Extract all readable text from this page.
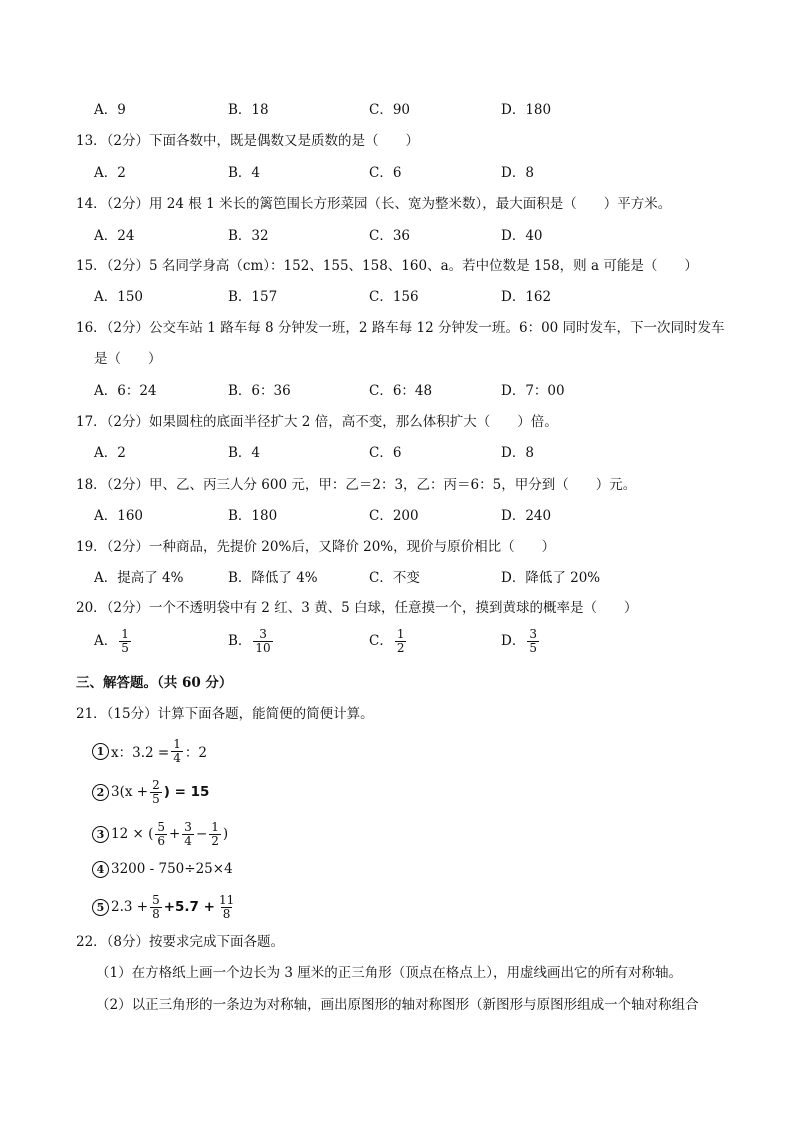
A．9	B．18	C．90	D．180
13．（2分）下面各数中，既是偶数又是质数的是（　　）
A．2	B．4	C．6	D．8
14．（2分）用 24 根 1 米长的篱笆围长方形菜园（长、宽为整米数），最大面积是（　　）平方米。
A．24	B．32	C．36	D．40
15．（2分）5 名同学身高（cm）：152、155、158、160、a。若中位数是 158，则 a 可能是（　　）
A．150	B．157	C．156	D．162
16．（2分）公交车站 1 路车每 8 分钟发一班，2 路车每 12 分钟发一班。6：00 同时发车，下一次同时发车
是（　　）
A．6：24	B．6：36	C．6：48	D．7：00
17．（2分）如果圆柱的底面半径扩大 2 倍，高不变，那么体积扩大（　　）倍。
A．2	B．4	C．6	D．8
18．（2分）甲、乙、丙三人分 600 元，甲：乙＝2：3，乙：丙＝6：5，甲分到（　　）元。
A．160	B．180	C．200	D．240
19．（2分）一种商品，先提价 20%后，又降价 20%，现价与原价相比（　　）
A．提高了 4%	B．降低了 4%	C．不变	D．降低了 20%
20．（2分）一个不透明袋中有 2 红、3 黄、5 白球，任意摸一个，摸到黄球的概率是（　　）
A． $\frac{1}{5}$	B． $\frac{3}{10}$	C． $\frac{1}{2}$	D． $\frac{3}{5}$
三、解答题。（共 60 分）
21．（15分）计算下面各题，能简便的简便计算。
1 x：$3.2 = \frac{1}{4}$ ：2
2 $3(x + \frac{2}{5}$ ) = 15
3 12 × ( $\frac{5}{6} + \frac{3}{4} - \frac{1}{2}$ )
4 3200 - 750÷25×4
5 $2.3 + \frac{5}{8} +5.7 + \frac{11}{8}$
22．（8分）按要求完成下面各题。
（1）在方格纸上画一个边长为 3 厘米的正三角形（顶点在格点上），用虚线画出它的所有对称轴。
（2）以正三角形的一条边为对称轴，画出原图形的轴对称图形（新图形与原图形组成一个轴对称组合
